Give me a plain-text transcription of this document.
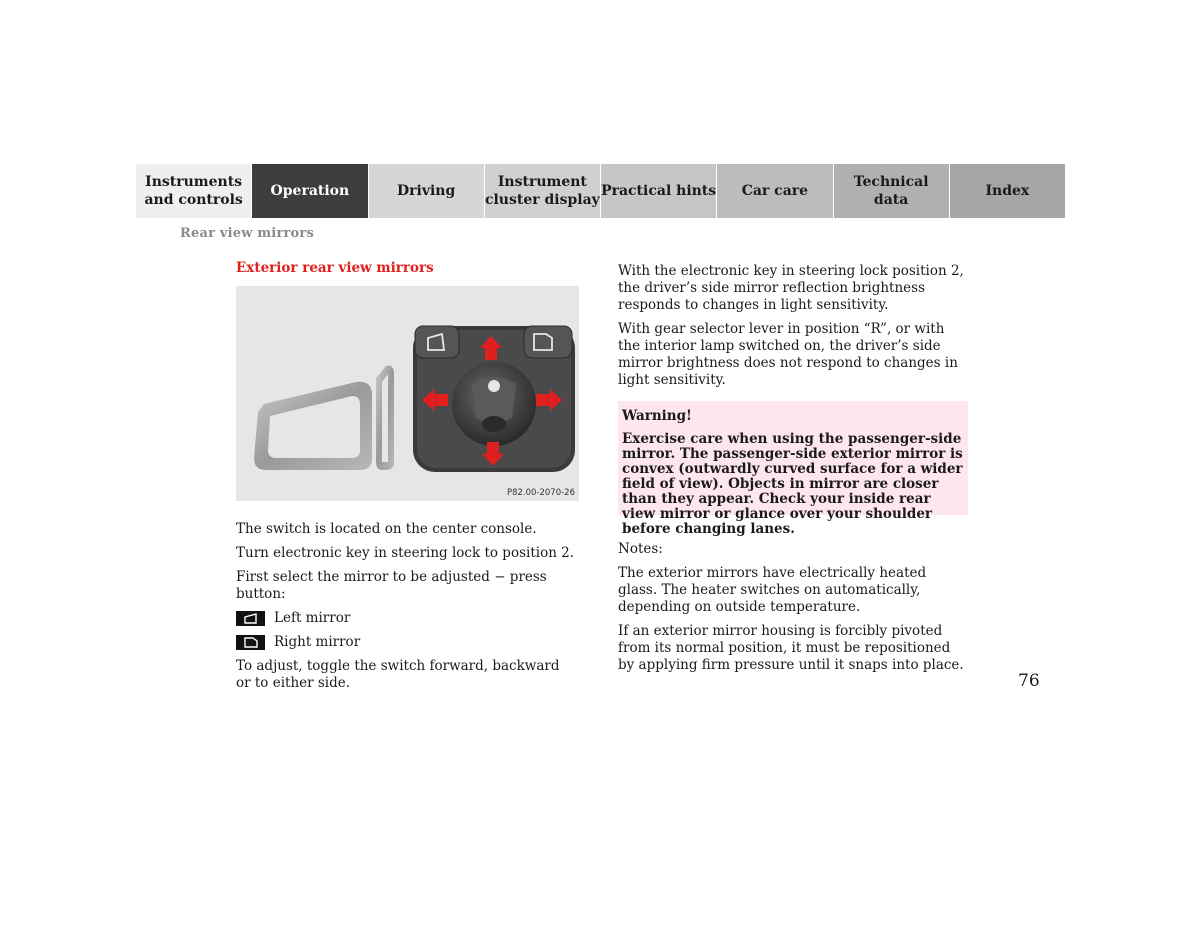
Instruments
and controls
Operation	Driving
Instrument
cluster display
Practical hints	Car care
Technical
data
Index
Rear view mirrors
Exterior rear view mirrors
P82.00-2070-26

The switch is located on the center console.

Turn electronic key in steering lock to position 2.

First select the mirror to be adjusted − press button:

Left mirror
Right mirror

To adjust, toggle the switch forward, backward or to either side.

With the electronic key in steering lock position 2, the driver’s side mirror reflection brightness responds to changes in light sensitivity.

With gear selector lever in position “R”, or with the interior lamp switched on, the driver’s side mirror brightness does not respond to changes in light sensitivity.

Warning!

Exercise care when using the passenger-side mirror. The passenger-side exterior mirror is convex (outwardly curved surface for a wider field of view). Objects in mirror are closer than they appear. Check your inside rear view mirror or glance over your shoulder before changing lanes.

Notes:

The exterior mirrors have electrically heated glass. The heater switches on automatically, depending on outside temperature.

If an exterior mirror housing is forcibly pivoted from its normal position, it must be repositioned by applying firm pressure until it snaps into place.

76
